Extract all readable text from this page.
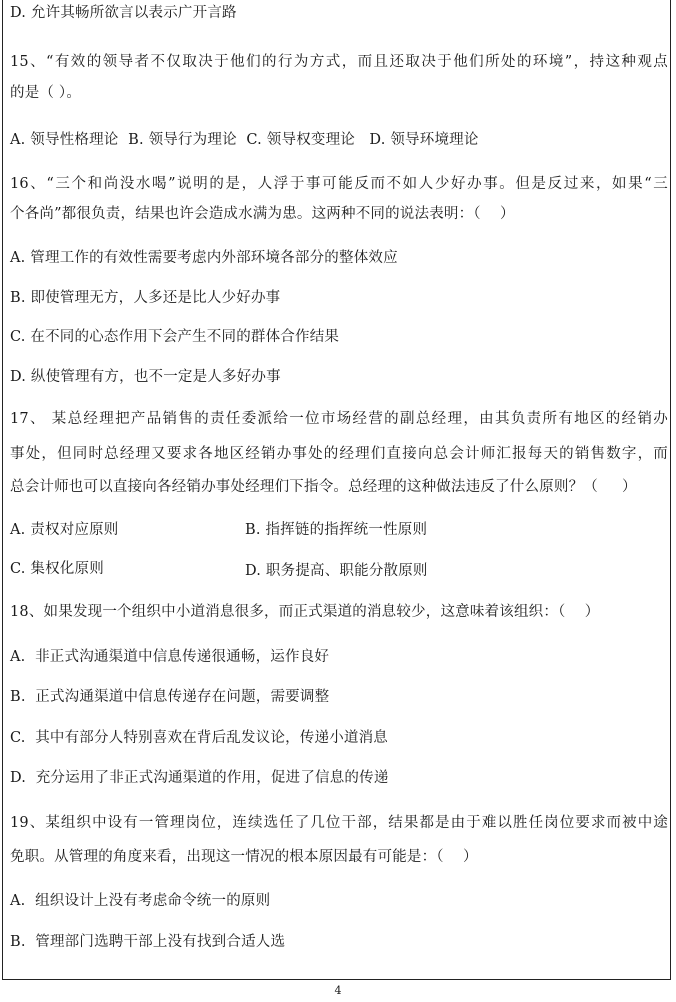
D. 允许其畅所欲言以表示广开言路
15、“有效的领导者不仅取决于他们的行为方式，而且还取决于他们所处的环境”，持这种观点
的是（ ）。
A. 领导性格理论  B. 领导行为理论  C. 领导权变理论   D. 领导环境理论
16、“三个和尚没水喝”说明的是，人浮于事可能反而不如人少好办事。但是反过来，如果“三
个各尚”都很负责，结果也许会造成水满为患。这两种不同的说法表明：（    ）
A. 管理工作的有效性需要考虑内外部环境各部分的整体效应
B. 即使管理无方，人多还是比人少好办事
C. 在不同的心态作用下会产生不同的群体合作结果
D. 纵使管理有方，也不一定是人多好办事
17、 某总经理把产品销售的责任委派给一位市场经营的副总经理，由其负责所有地区的经销办
事处，但同时总经理又要求各地区经销办事处的经理们直接向总会计师汇报每天的销售数字，而
总会计师也可以直接向各经销办事处经理们下指令。总经理的这种做法违反了什么原则？（     ）
A. 责权对应原则	B. 指挥链的指挥统一性原则
C. 集权化原则	D. 职务提高、职能分散原则
18、如果发现一个组织中小道消息很多，而正式渠道的消息较少，这意味着该组织：（    ）
A.  非正式沟通渠道中信息传递很通畅，运作良好
B.  正式沟通渠道中信息传递存在问题，需要调整
C.  其中有部分人特别喜欢在背后乱发议论，传递小道消息
D.  充分运用了非正式沟通渠道的作用，促进了信息的传递
19、某组织中设有一管理岗位，连续选任了几位干部，结果都是由于难以胜任岗位要求而被中途
免职。从管理的角度来看，出现这一情况的根本原因最有可能是：（    ）
A.  组织设计上没有考虑命令统一的原则
B.  管理部门选聘干部上没有找到合适人选
4
